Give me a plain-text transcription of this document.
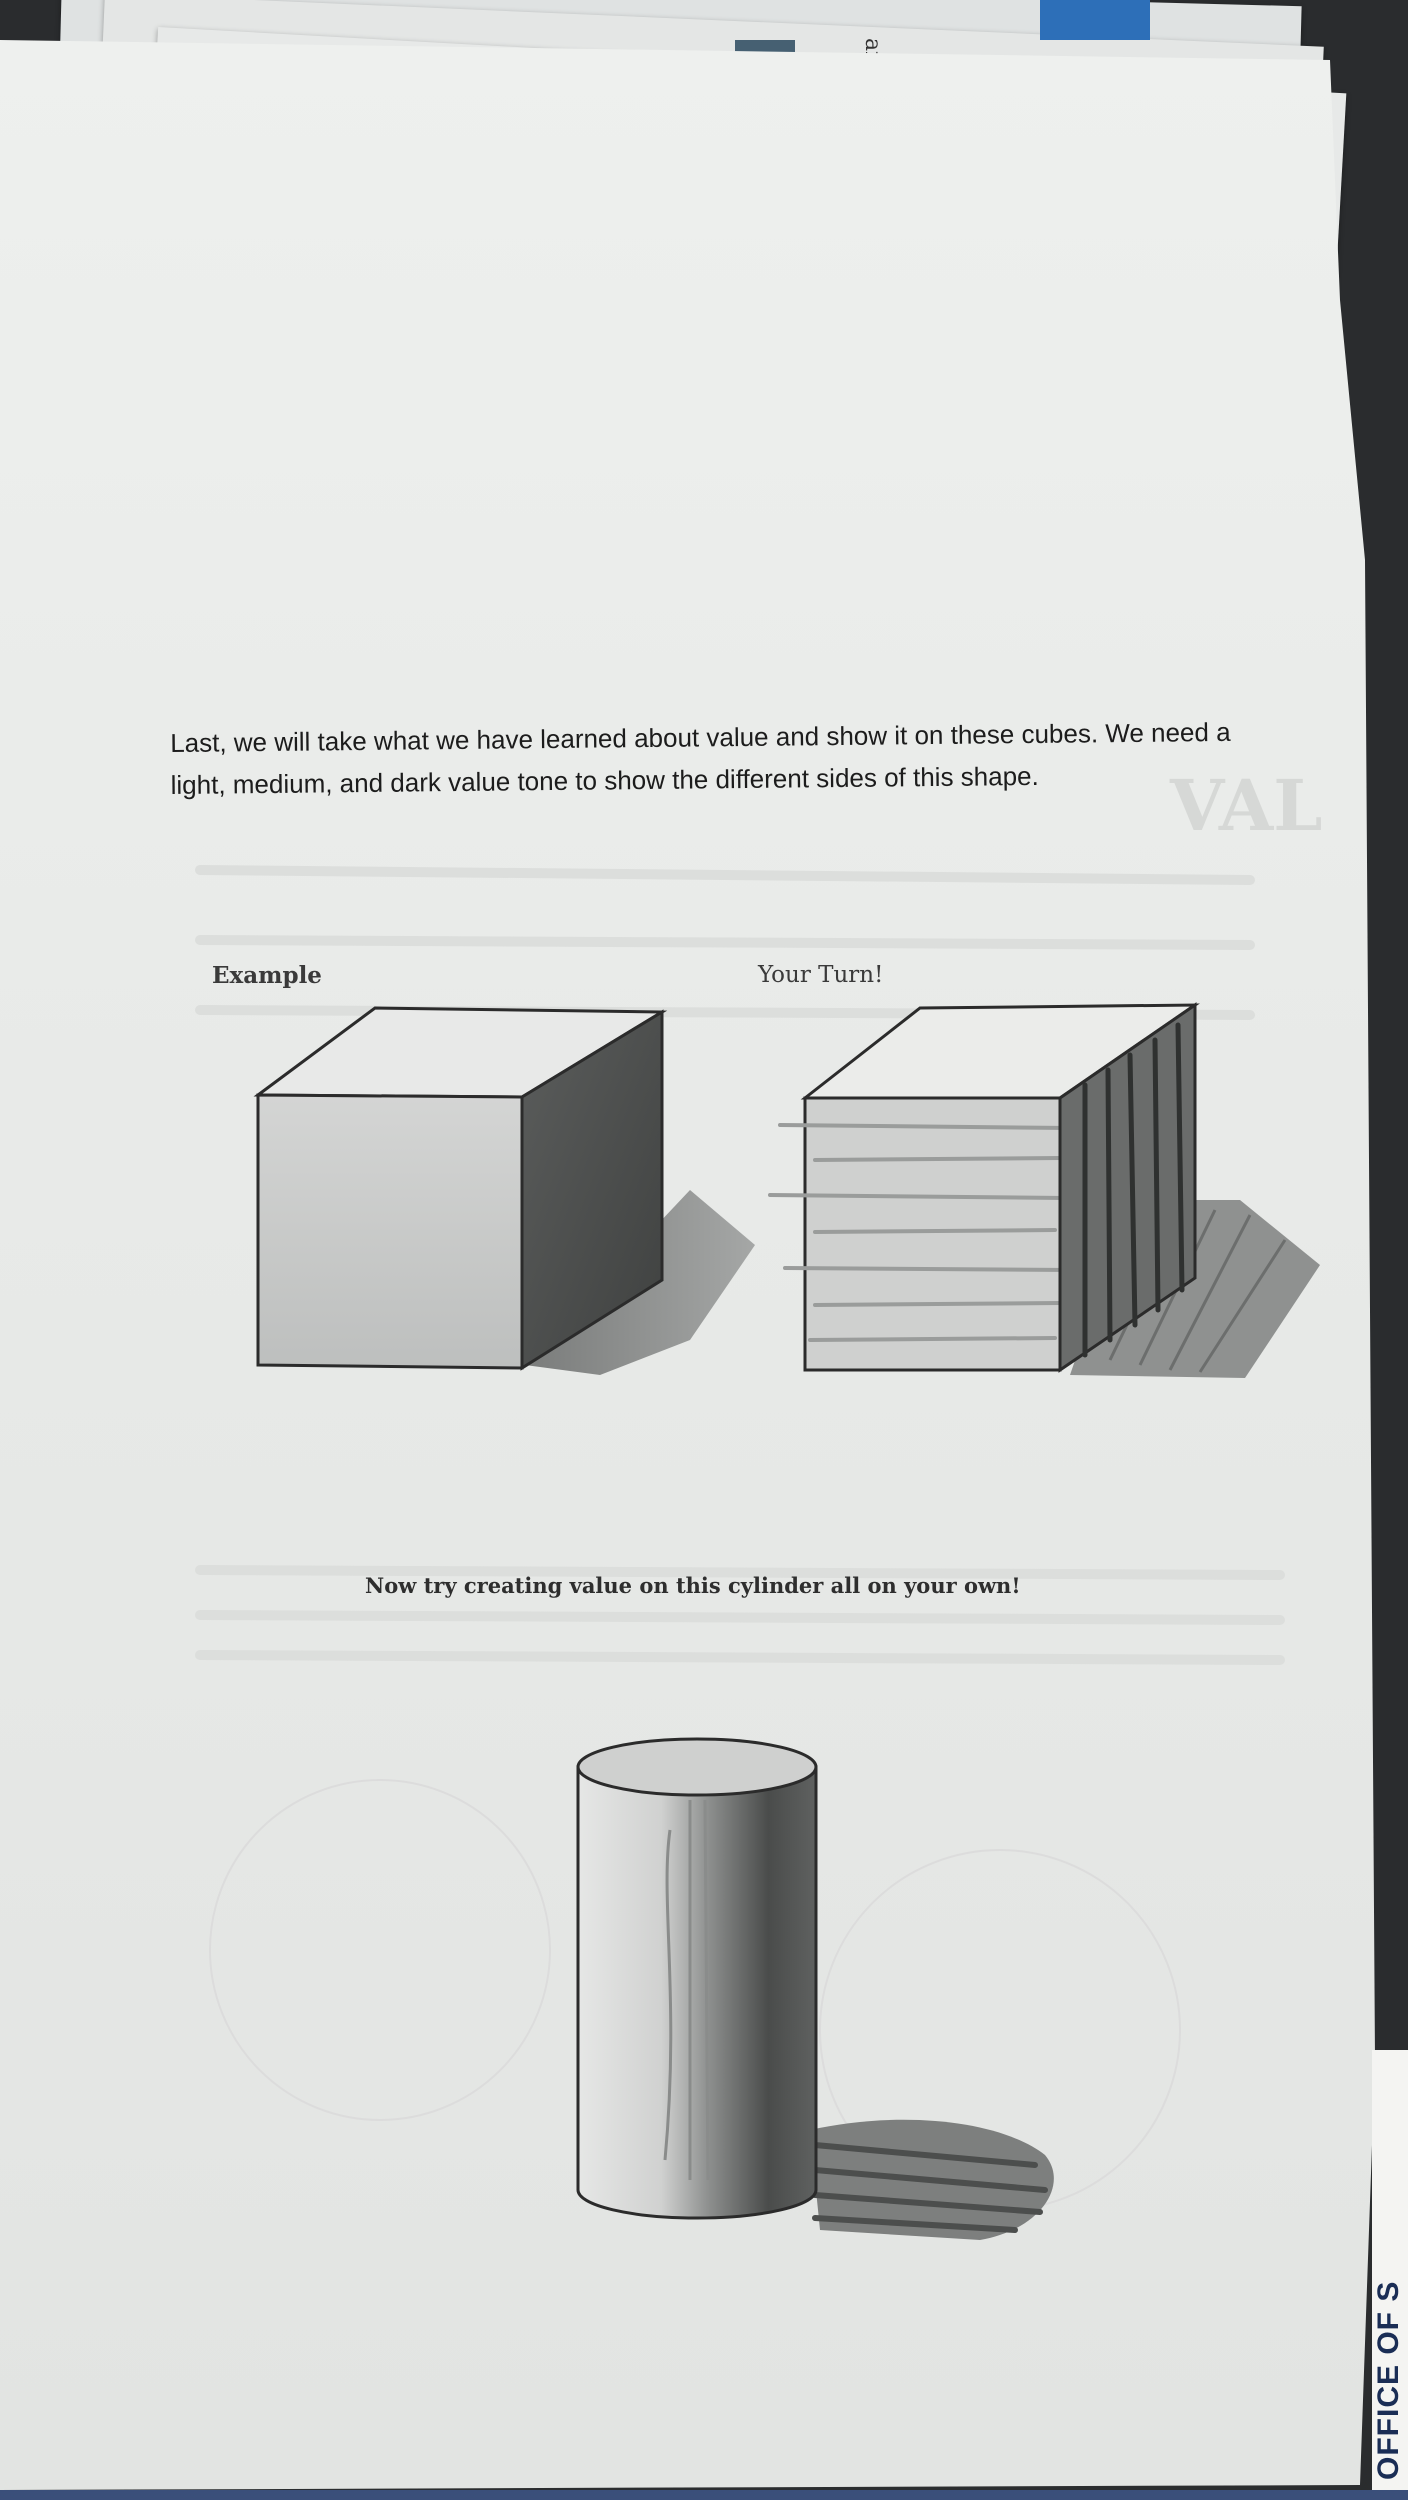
VAL
Last, we will take what we have learned about value and show it on these cubes. We need a light, medium, and dark value tone to show the different sides of this shape.
Example	Your Turn!
Now try creating value on this cylinder all on your own!
OFFICE OF S
